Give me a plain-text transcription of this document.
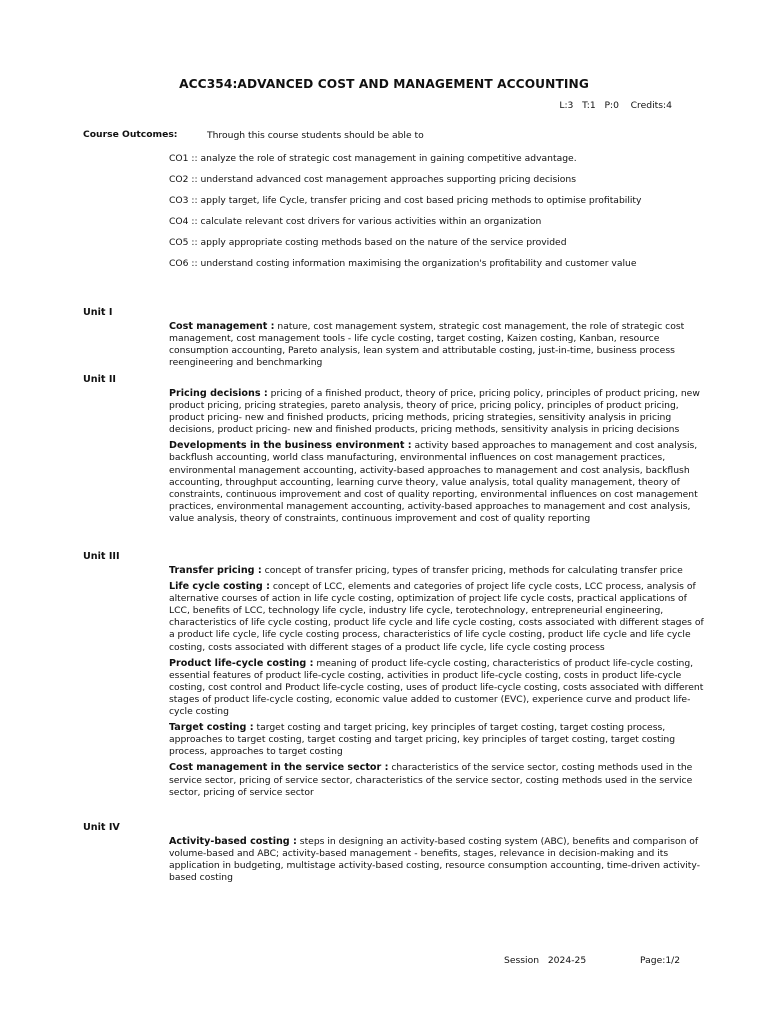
ACC354:ADVANCED COST AND MANAGEMENT ACCOUNTING
L:3   T:1   P:0    Credits:4
Course Outcomes:	Through this course students should be able to
CO1 :: analyze the role of strategic cost management in gaining competitive advantage.
CO2 :: understand advanced cost management approaches supporting pricing decisions
CO3 :: apply target, life Cycle, transfer pricing and cost based pricing methods to optimise profitability
CO4 :: calculate relevant cost drivers for various activities within an organization
CO5 :: apply appropriate costing methods based on the nature of the service provided
CO6 :: understand costing information maximising the organization's profitability and customer value
Unit I
Cost management : nature, cost management system, strategic cost management, the role of strategic cost management, cost management tools - life cycle costing, target costing, Kaizen costing, Kanban, resource consumption accounting, Pareto analysis, lean system and attributable costing, just-in-time, business process reengineering and benchmarking
Unit II
Pricing decisions : pricing of a finished product, theory of price, pricing policy, principles of product pricing, new product pricing, pricing strategies, pareto analysis, theory of price, pricing policy, principles of product pricing, product pricing- new and finished products, pricing methods, pricing strategies, sensitivity analysis in pricing decisions, product pricing- new and finished products, pricing methods, sensitivity analysis in pricing decisions
Developments in the business environment : activity based approaches to management and cost analysis, backflush accounting, world class manufacturing, environmental influences on cost management practices, environmental management accounting, activity-based approaches to management and cost analysis, backflush accounting, throughput accounting, learning curve theory, value analysis, total quality management, theory of constraints, continuous improvement and cost of quality reporting, environmental influences on cost management practices, environmental management accounting, activity-based approaches to management and cost analysis, value analysis, theory of constraints, continuous improvement and cost of quality reporting
Unit III
Transfer pricing : concept of transfer pricing, types of transfer pricing, methods for calculating transfer price
Life cycle costing : concept of LCC, elements and categories of project life cycle costs, LCC process, analysis of alternative courses of action in life cycle costing, optimization of project life cycle costs, practical applications of LCC, benefits of LCC, technology life cycle, industry life cycle, terotechnology, entrepreneurial engineering, characteristics of life cycle costing, product life cycle and life cycle costing, costs associated with different stages of a product life cycle, life cycle costing process, characteristics of life cycle costing, product life cycle and life cycle costing, costs associated with different stages of a product life cycle, life cycle costing process
Product life-cycle costing : meaning of product life-cycle costing, characteristics of product life-cycle costing, essential features of product life-cycle costing, activities in product life-cycle costing, costs in product life-cycle costing, cost control and Product life-cycle costing, uses of product life-cycle costing, costs associated with different stages of product life-cycle costing, economic value added to customer (EVC), experience curve and product life-cycle costing
Target costing : target costing and target pricing, key principles of target costing, target costing process, approaches to target costing, target costing and target pricing, key principles of target costing, target costing process, approaches to target costing
Cost management in the service sector : characteristics of the service sector, costing methods used in the service sector, pricing of service sector, characteristics of the service sector, costing methods used in the service sector, pricing of service sector
Unit IV
Activity-based costing : steps in designing an activity-based costing system (ABC), benefits and comparison of volume-based and ABC; activity-based management - benefits, stages, relevance in decision-making and its application in budgeting, multistage activity-based costing, resource consumption accounting, time-driven activity-based costing
Session   2024-25	Page:1/2
